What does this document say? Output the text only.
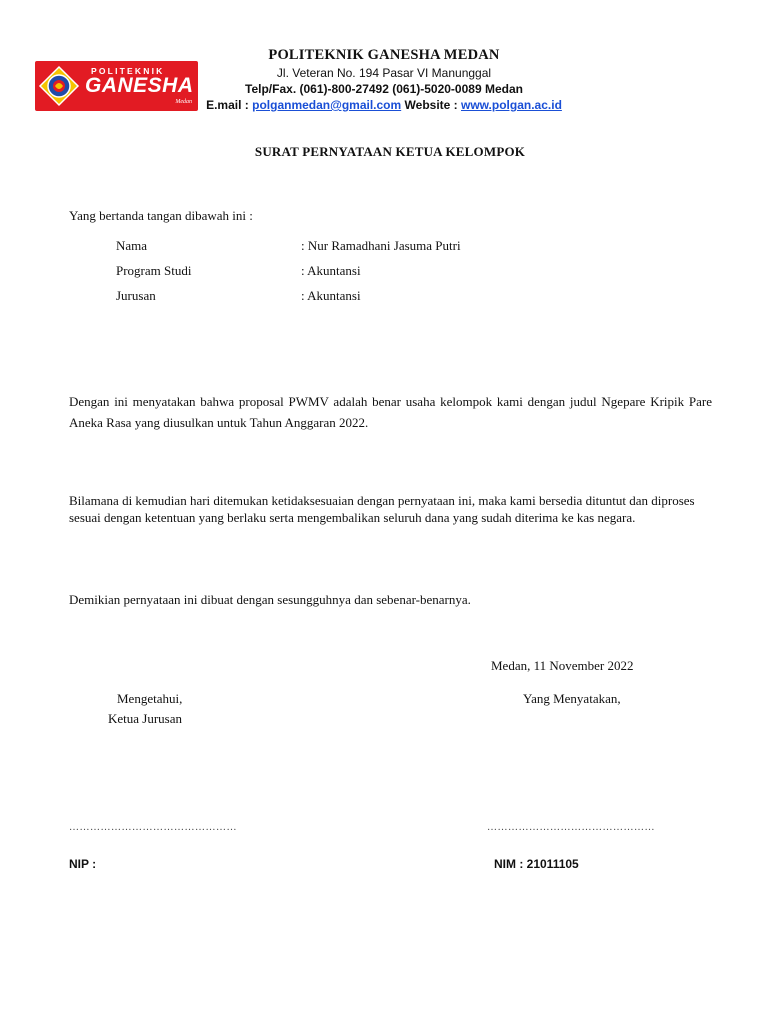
POLITEKNIK
GANESHA
Medan
POLITEKNIK GANESHA MEDAN
Jl. Veteran No. 194 Pasar VI Manunggal
Telp/Fax. (061)-800-27492 (061)-5020-0089 Medan
E.mail : polganmedan@gmail.com Website : www.polgan.ac.id
SURAT PERNYATAAN KETUA KELOMPOK
Yang bertanda tangan dibawah ini :
Nama	: Nur Ramadhani Jasuma Putri
Program Studi	: Akuntansi
Jurusan	: Akuntansi
Dengan ini menyatakan bahwa proposal PWMV adalah benar usaha kelompok kami dengan judul Ngepare Kripik Pare Aneka Rasa yang diusulkan untuk Tahun Anggaran 2022.
Bilamana di kemudian hari ditemukan ketidaksesuaian dengan pernyataan ini, maka kami bersedia dituntut dan diproses sesuai dengan ketentuan yang berlaku serta mengembalikan seluruh dana yang sudah diterima ke kas negara.
Demikian pernyataan ini dibuat dengan sesungguhnya dan sebenar-benarnya.
Medan, 11 November 2022
Mengetahui,
Ketua Jurusan
Yang Menyatakan,
…………………………………………	…………………………………………
NIP :	NIM : 21011105
